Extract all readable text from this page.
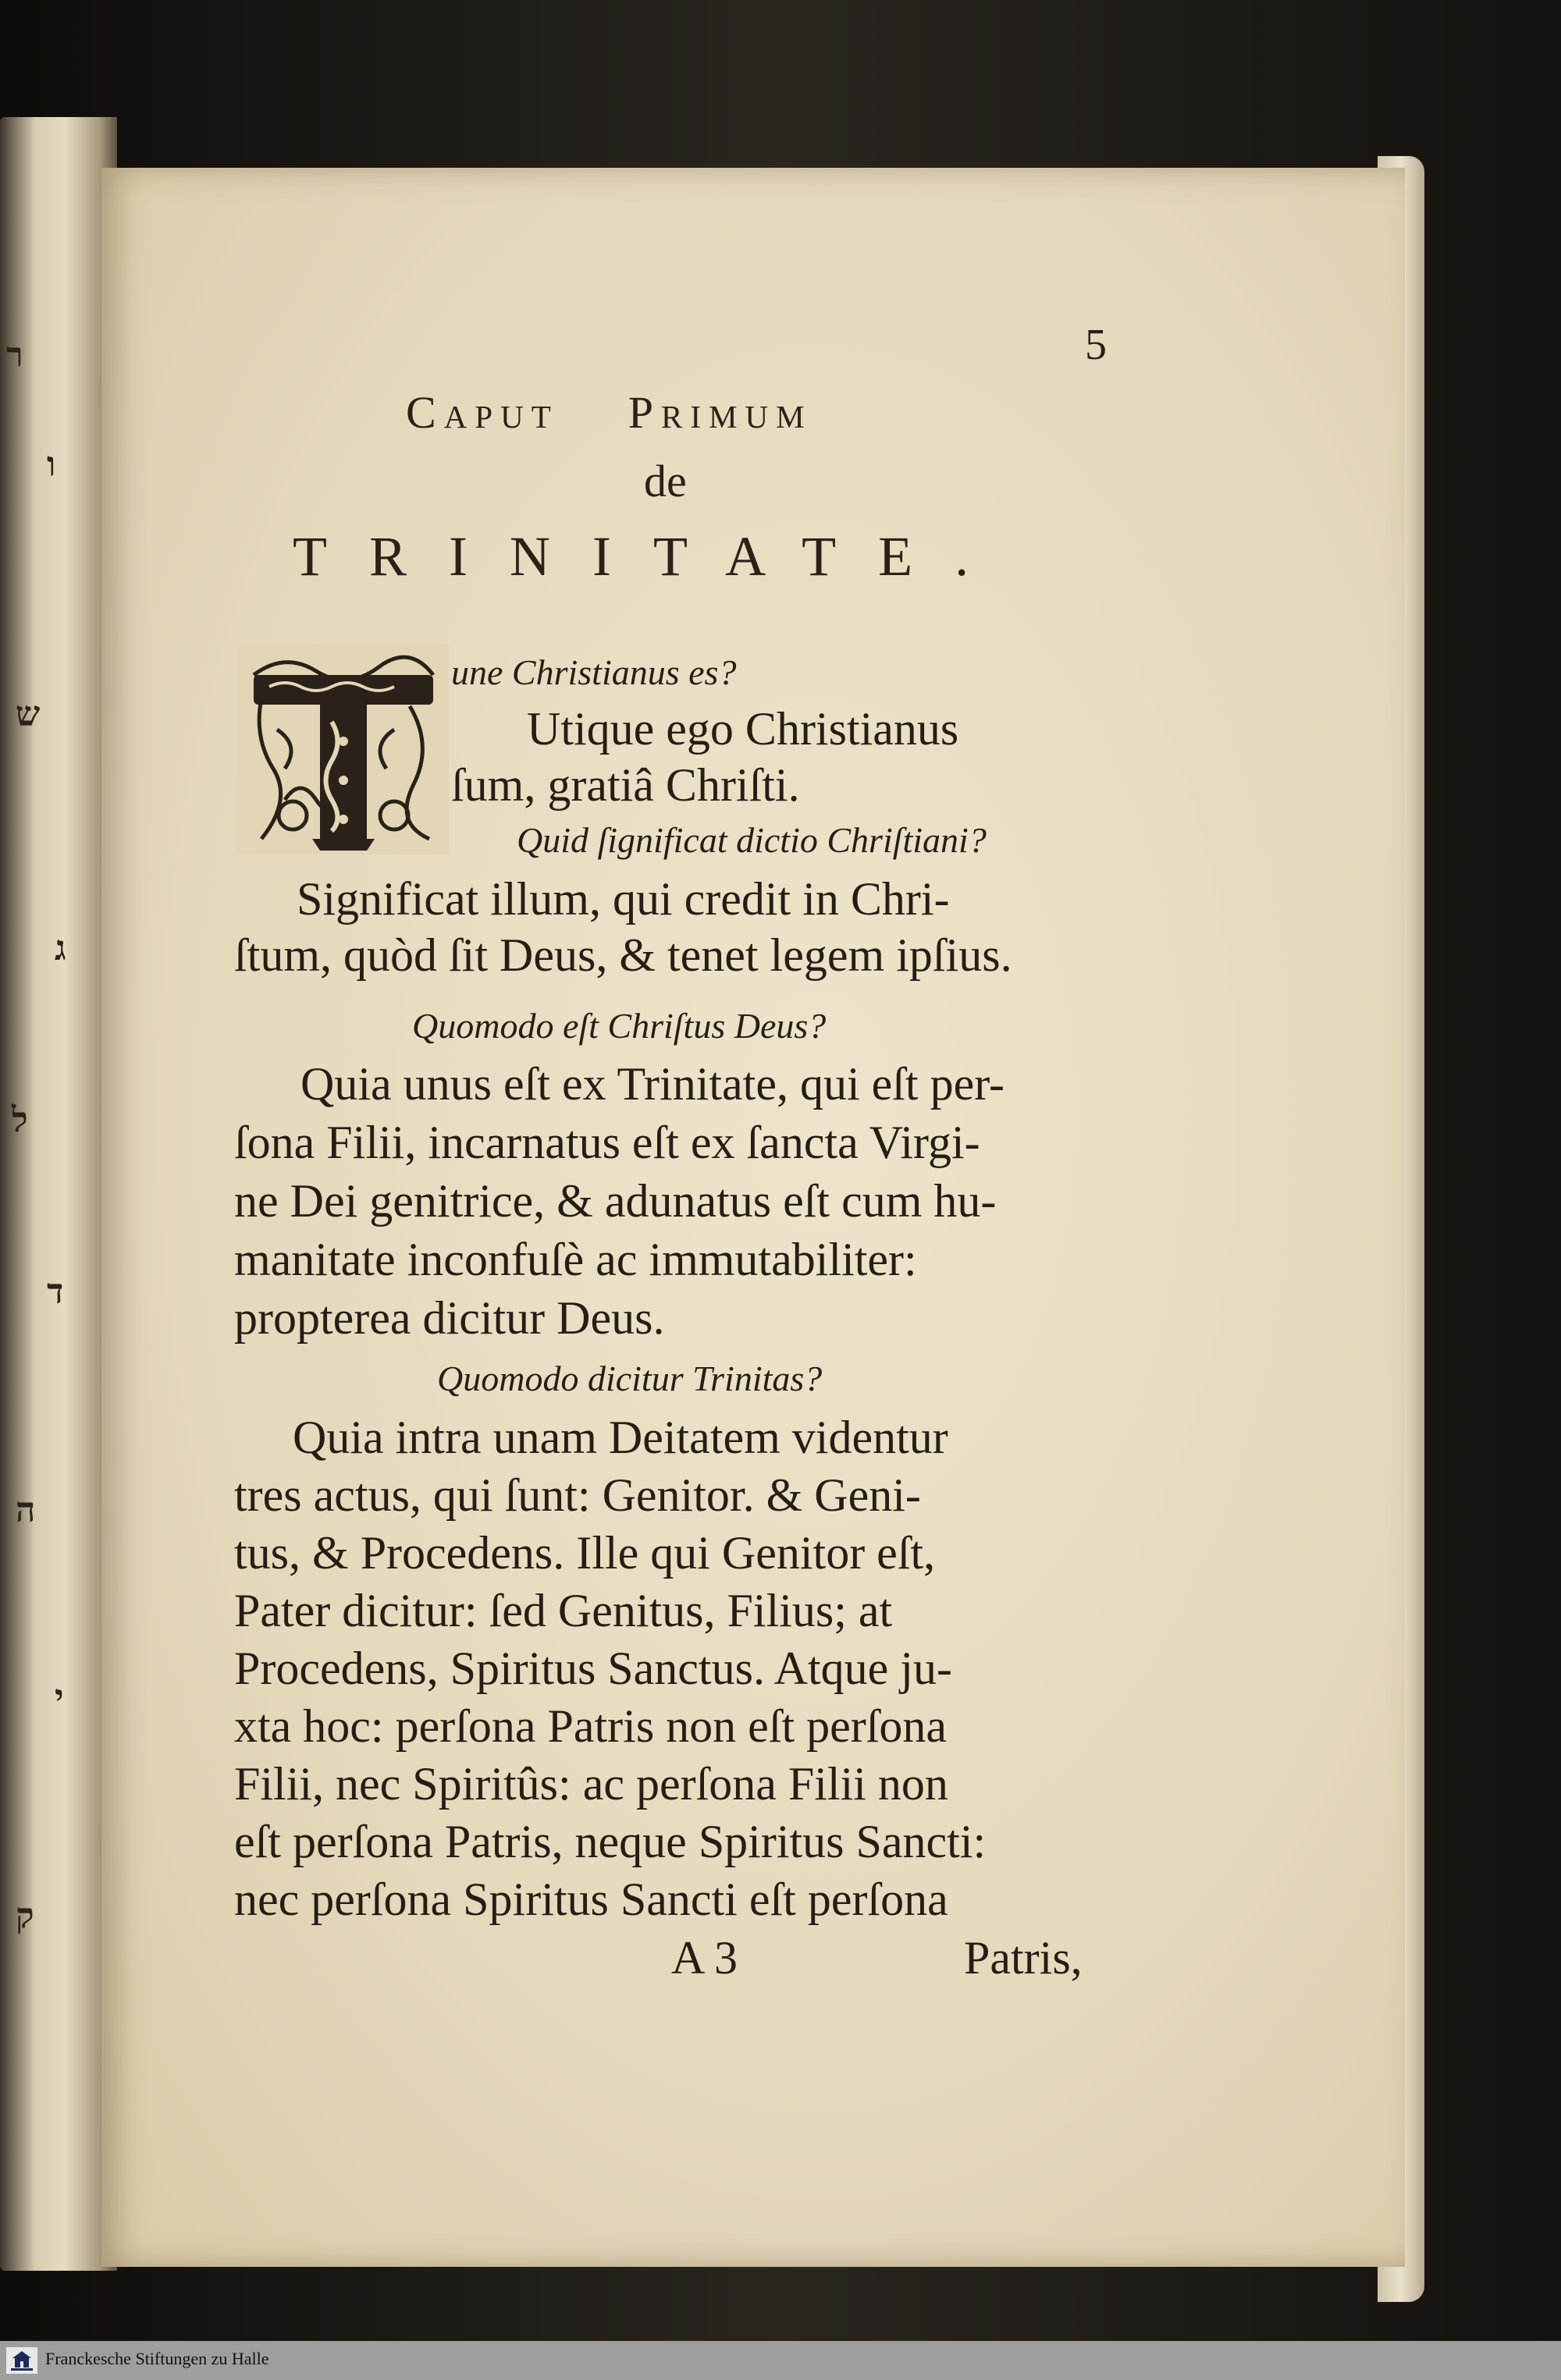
ר
ו
ש
ג
ל
ד
ה
י
ק
5
Caput Primum
de
TRINITATE.
une Christianus es?
Utique ego Christianus
ſum, gratiâ Chriſti.
Quid ſignificat dictio Chriſtiani?
Significat illum, qui credit in Chri-
ſtum, quòd ſit Deus, & tenet legem ipſius.
Quomodo eſt Chriſtus Deus?
Quia unus eſt ex Trinitate, qui eſt per-
ſona Filii, incarnatus eſt ex ſancta Virgi-
ne Dei genitrice, & adunatus eſt cum hu-
manitate inconfuſè ac immutabiliter:
propterea dicitur Deus.
Quomodo dicitur Trinitas?
Quia intra unam Deitatem videntur
tres actus, qui ſunt: Genitor. & Geni-
tus, & Procedens. Ille qui Genitor eſt,
Pater dicitur: ſed Genitus, Filius; at
Procedens, Spiritus Sanctus. Atque ju-
xta hoc: perſona Patris non eſt perſona
Filii, nec Spiritûs: ac perſona Filii non
eſt perſona Patris, neque Spiritus Sancti:
nec perſona Spiritus Sancti eſt perſona
A 3	Patris,
Franckesche Stiftungen zu Halle
